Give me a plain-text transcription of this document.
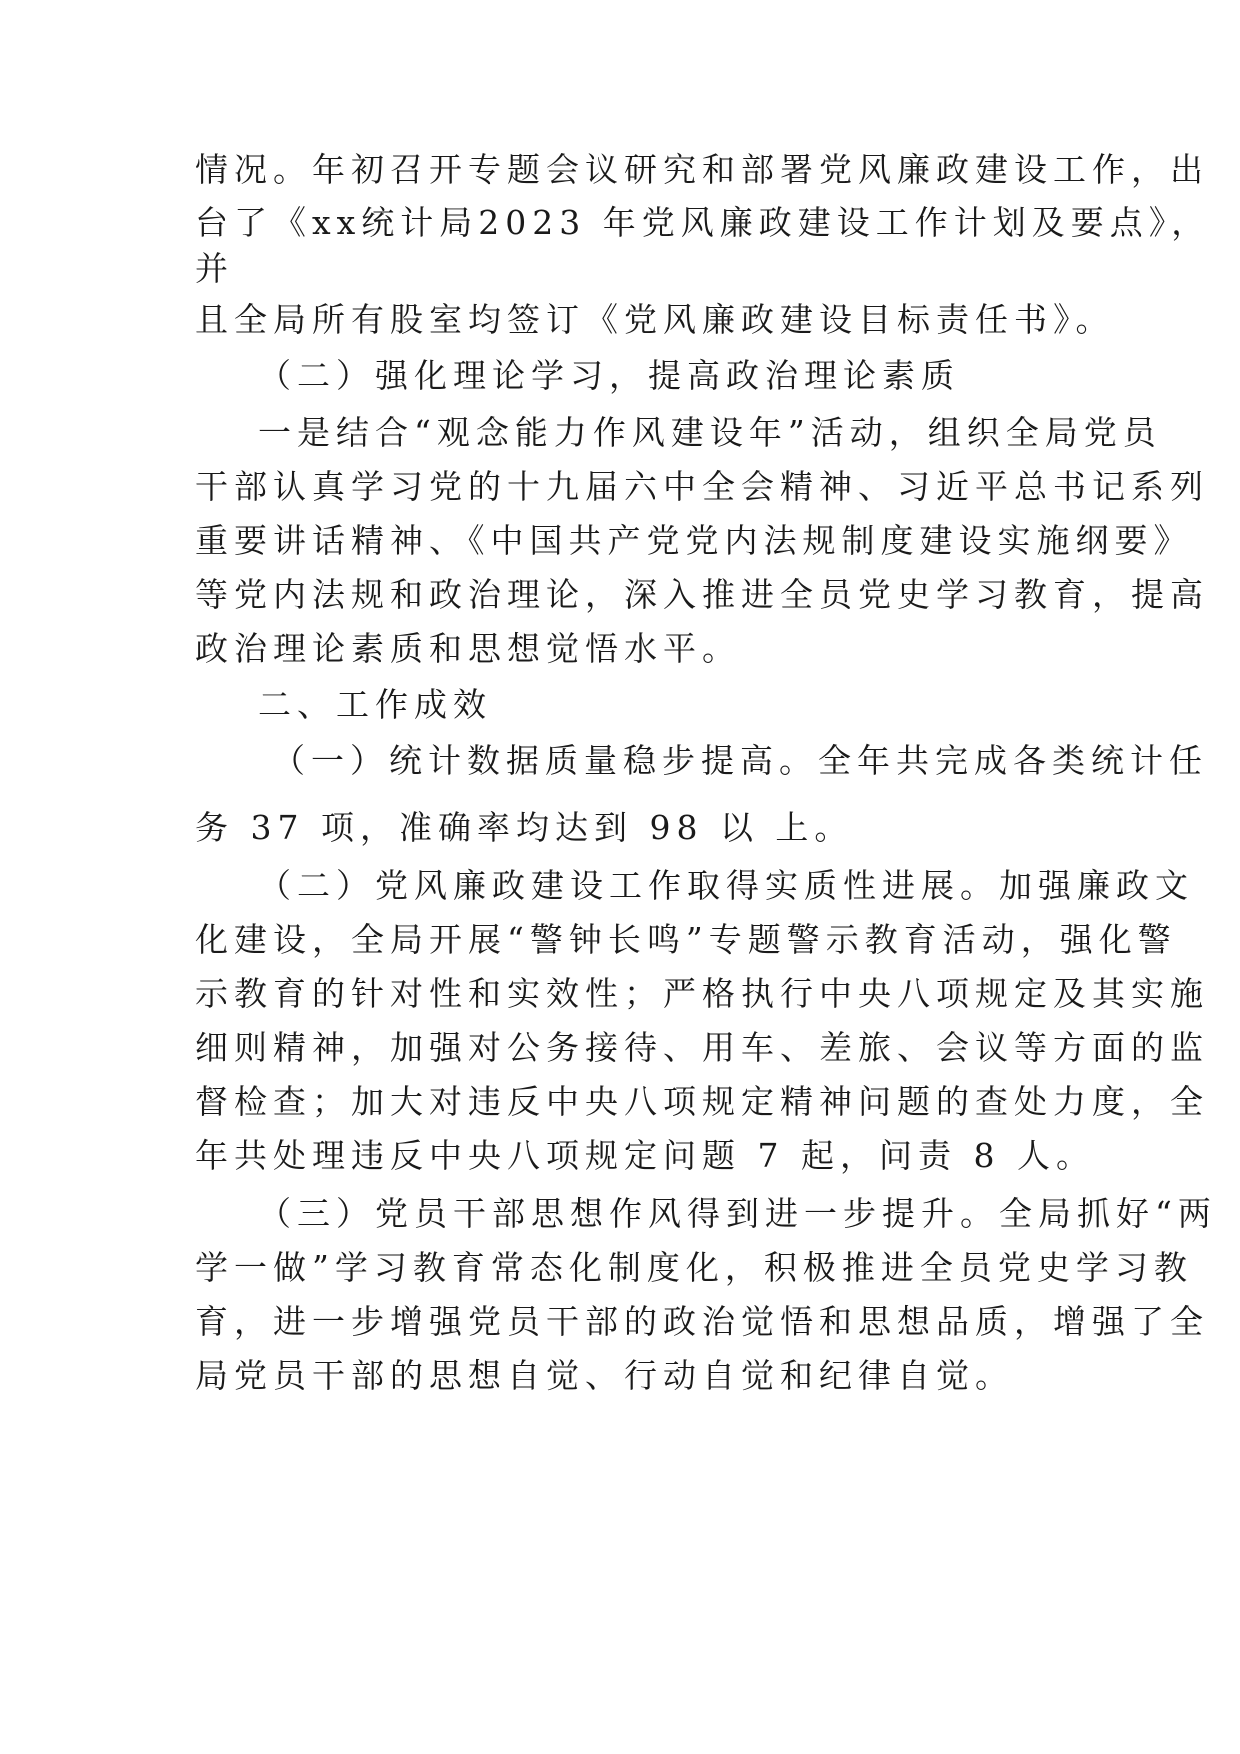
情况。年初召开专题会议研究和部署党风廉政建设工作，出
台了《xx统计局2023 年党风廉政建设工作计划及要点》，
并
且全局所有股室均签订《党风廉政建设目标责任书》。
（二）强化理论学习，提高政治理论素质
一是结合“观念能力作风建设年”活动，组织全局党员
干部认真学习党的十九届六中全会精神、习近平总书记系列
重要讲话精神、《中国共产党党内法规制度建设实施纲要》
等党内法规和政治理论，深入推进全员党史学习教育，提高
政治理论素质和思想觉悟水平。
二、工作成效
（一）统计数据质量稳步提高。全年共完成各类统计任
务 37 项，准确率均达到 98 以 上。
（二）党风廉政建设工作取得实质性进展。加强廉政文
化建设，全局开展“警钟长鸣”专题警示教育活动，强化警
示教育的针对性和实效性；严格执行中央八项规定及其实施
细则精神，加强对公务接待、用车、差旅、会议等方面的监
督检查；加大对违反中央八项规定精神问题的查处力度，全
年共处理违反中央八项规定问题 7 起，问责 8 人。
（三）党员干部思想作风得到进一步提升。全局抓好“两
学一做”学习教育常态化制度化，积极推进全员党史学习教
育，进一步增强党员干部的政治觉悟和思想品质，增强了全
局党员干部的思想自觉、行动自觉和纪律自觉。
